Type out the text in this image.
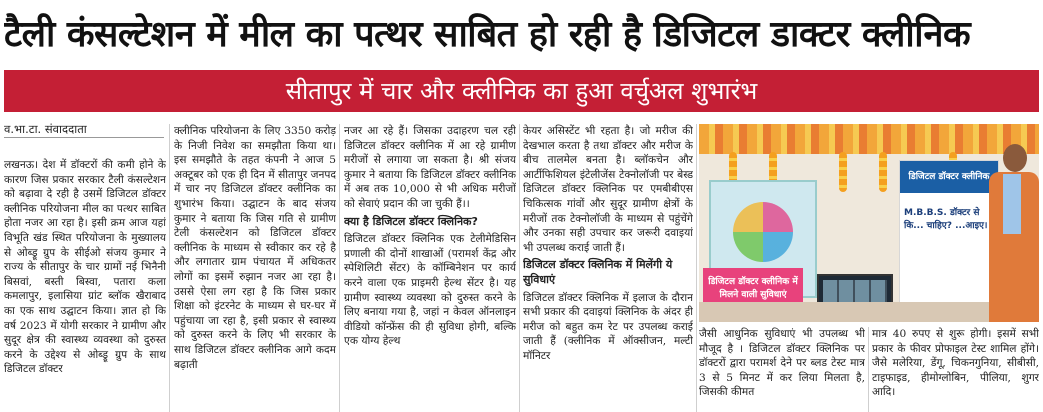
टैली कंसल्टेशन में मील का पत्थर साबित हो रही है डिजिटल डाक्टर क्लीनिक
सीतापुर में चार और क्लीनिक का हुआ वर्चुअल शुभारंभ
व.भा.टा. संवाददाता

लखनऊ। देश में डॉक्टरों की कमी होने के कारण जिस प्रकार सरकार टैली कंसल्टेशन को बढ़ावा दे रही है उसमें डिजिटल डॉक्टर क्लीनिक परियोजना मील का पत्थर साबित होता नजर आ रहा है। इसी क्रम आज यहां विभूति खंड स्थित परियोजना के मुख्यालय से ओब्ड्रू ग्रुप के सीईओ संजय कुमार ने राज्य के सीतापुर के चार ग्रामों नई भिनैनी बिसवां, बस्ती बिस्वा, पतारा कला कमलापुर, इलासिया ग्रांट ब्लॉक खैराबाद का एक साथ उद्घाटन किया। ज्ञात हो कि वर्ष 2023 में योगी सरकार ने ग्रामीण और सुदूर क्षेत्र की स्वास्थ्य व्यवस्था को दुरुस्त करने के उद्देश्य से ओब्ड्रू ग्रुप के साथ डिजिटल डॉक्टर

क्लीनिक परियोजना के लिए 3350 करोड़ के निजी निवेश का समझौता किया था। इस समझौते के तहत कंपनी ने आज 5 अक्टूबर को एक ही दिन में सीतापुर जनपद में चार नए डिजिटल डॉक्टर क्लीनिक का शुभारंभ किया। उद्घाटन के बाद संजय कुमार ने बताया कि जिस गति से ग्रामीण टेली कंसल्टेशन को डिजिटल डॉक्टर क्लीनिक के माध्यम से स्वीकार कर रहे है और लगातार ग्राम पंचायत में अधिकतर लोगों का इसमें रुझान नजर आ रहा है। उससे ऐसा लग रहा है कि जिस प्रकार शिक्षा को इंटरनेट के माध्यम से घर-घर में पहुंचाया जा रहा है, इसी प्रकार से स्वास्थ्य को दुरुस्त करने के लिए भी सरकार के साथ डिजिटल डॉक्टर क्लीनिक आगे कदम बढ़ाती

नजर आ रहे हैं। जिसका उदाहरण चल रही डिजिटल डॉक्टर क्लीनिक में आ रहे ग्रामीण मरीजों से लगाया जा सकता है। श्री संजय कुमार ने बताया कि डिजिटल डॉक्टर क्लीनिक में अब तक 10,000 से भी अधिक मरीजों को सेवाएं प्रदान की जा चुकी हैं।।

क्या है डिजिटल डॉक्टर क्लिनिक?

डिजिटल डॉक्टर क्लिनिक एक टेलीमेडिसिन प्रणाली की दोनों शाखाओं (परामर्श केंद्र और स्पेशिलिटी सेंटर) के कॉम्बिनेशन पर कार्य करने वाला एक प्राइमरी हेल्थ सेंटर है। यह ग्रामीण स्वास्थ्य व्यवस्था को दुरुस्त करने के लिए बनाया गया है, जहां न केवल ऑनलाइन वीडियो कॉन्फ्रेंस की ही सुविधा होगी, बल्कि एक योग्य हेल्थ

केयर असिस्टेंट भी रहता है। जो मरीज की देखभाल करता है तथा डॉक्टर और मरीज के बीच तालमेल बनता है। ब्लॉकचेन और आर्टीफिशियल इंटेलीजेंस टेक्नोलॉजी पर बेस्ड डिजिटल डॉक्टर क्लिनिक पर एमबीबीएस चिकित्सक गांवों और सुदूर ग्रामीण क्षेत्रों के मरीजों तक टेक्नोलॉजी के माध्यम से पहुंचेंगे और उनका सही उपचार कर जरूरी दवाइयां भी उपलब्ध कराई जाती हैं।

डिजिटल डॉक्टर क्लिनिक में मिलेंगी ये सुविधाएं

डिजिटल डॉक्टर क्लिनिक में इलाज के दौरान सभी प्रकार की दवाइयां क्लिनिक के अंदर ही मरीज को बहुत कम रेट पर उपलब्ध कराई जाती हैं (क्लीनिक में ऑक्सीजन, मल्टी मॉनिटर

डिजिटल डॉक्टर क्लीनिक
M.B.B.S. डॉक्टर से कि... चाहिए? ...आइए।
डिजिटल डॉक्टर क्लीनिक में मिलने वाली सुविधाएं

जैसी आधुनिक सुविधाएं भी उपलब्ध भी मौजूद है । डिजिटल डॉक्टर क्लिनिक पर डॉक्टरों द्वारा परामर्श देने पर ब्लड टेस्ट मात्र 3 से 5 मिनट में कर लिया मिलता है, जिसकी कीमत

मात्र 40 रुपए से शुरू होगी। इसमें सभी प्रकार के फीवर प्रोफाइल टेस्ट शामिल होंगे। जैसे मलेरिया, डेंगू, चिकनगुनिया, सीबीसी, टाइफाइड, हीमोग्लोबिन, पीलिया, शुगर आदि।
